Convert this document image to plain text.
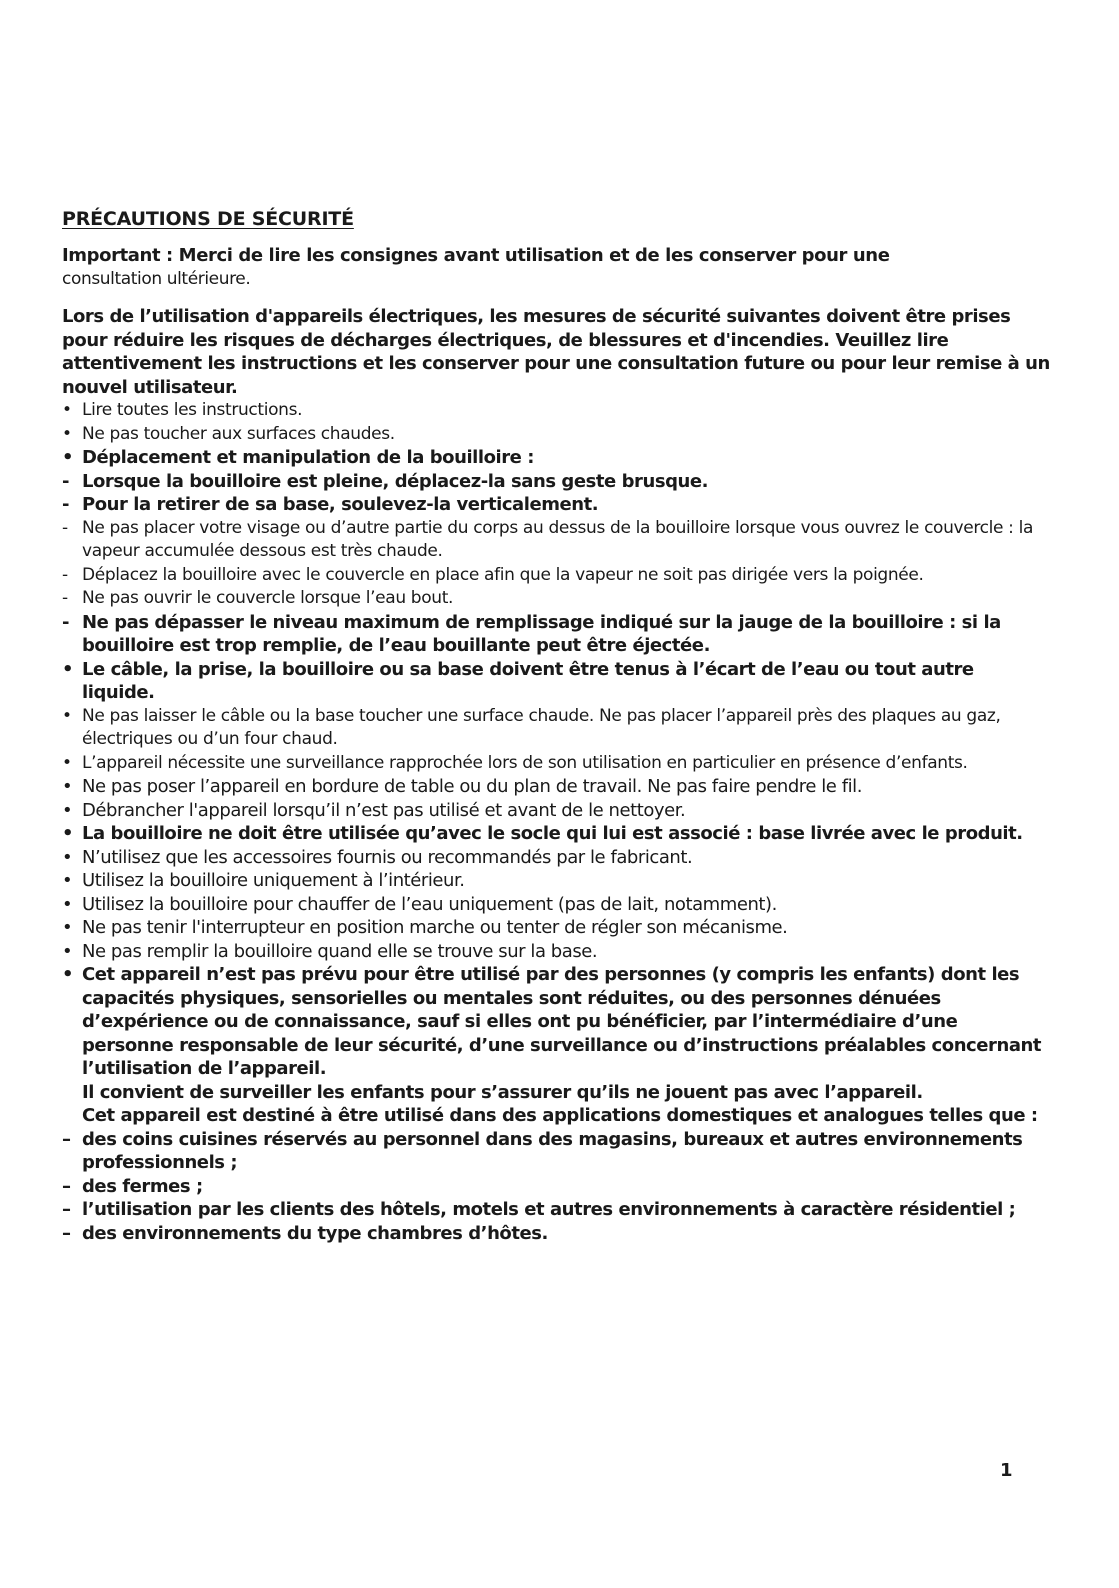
PRÉCAUTIONS DE SÉCURITÉ

Important : Merci de lire les consignes avant utilisation et de les conserver pour une
consultation ultérieure.

Lors de l’utilisation d'appareils électriques, les mesures de sécurité suivantes doivent être prises pour réduire les risques de décharges électriques, de blessures et d'incendies. Veuillez lire attentivement les instructions et les conserver pour une consultation future ou pour leur remise à un nouvel utilisateur.

• Lire toutes les instructions.
• Ne pas toucher aux surfaces chaudes.
• Déplacement et manipulation de la bouilloire :
- Lorsque la bouilloire est pleine, déplacez-la sans geste brusque.
- Pour la retirer de sa base, soulevez-la verticalement.
- Ne pas placer votre visage ou d’autre partie du corps au dessus de la bouilloire lorsque vous ouvrez le couvercle : la vapeur accumulée dessous est très chaude.
- Déplacez la bouilloire avec le couvercle en place afin que la vapeur ne soit pas dirigée vers la poignée.
- Ne pas ouvrir le couvercle lorsque l’eau bout.
- Ne pas dépasser le niveau maximum de remplissage indiqué sur la jauge de la bouilloire : si la bouilloire est trop remplie, de l’eau bouillante peut être éjectée.
• Le câble, la prise, la bouilloire ou sa base doivent être tenus à l’écart de l’eau ou tout autre liquide.
• Ne pas laisser le câble ou la base toucher une surface chaude. Ne pas placer l’appareil près des plaques au gaz, électriques ou d’un four chaud.
• L’appareil nécessite une surveillance rapprochée lors de son utilisation en particulier en présence d’enfants.
• Ne pas poser l’appareil en bordure de table ou du plan de travail. Ne pas faire pendre le fil.
• Débrancher l'appareil lorsqu’il n’est pas utilisé et avant de le nettoyer.
• La bouilloire ne doit être utilisée qu’avec le socle qui lui est associé : base livrée avec le produit.
• N’utilisez que les accessoires fournis ou recommandés par le fabricant.
• Utilisez la bouilloire uniquement à l’intérieur.
• Utilisez la bouilloire pour chauffer de l’eau uniquement (pas de lait, notamment).
• Ne pas tenir l'interrupteur en position marche ou tenter de régler son mécanisme.
• Ne pas remplir la bouilloire quand elle se trouve sur la base.
• Cet appareil n’est pas prévu pour être utilisé par des personnes (y compris les enfants) dont les capacités physiques, sensorielles ou mentales sont réduites, ou des personnes dénuées d’expérience ou de connaissance, sauf si elles ont pu bénéficier, par l’intermédiaire d’une personne responsable de leur sécurité, d’une surveillance ou d’instructions préalables concernant l’utilisation de l’appareil.
Il convient de surveiller les enfants pour s’assurer qu’ils ne jouent pas avec l’appareil.
Cet appareil est destiné à être utilisé dans des applications domestiques et analogues telles que :
– des coins cuisines réservés au personnel dans des magasins, bureaux et autres environnements professionnels ;
– des fermes ;
– l’utilisation par les clients des hôtels, motels et autres environnements à caractère résidentiel ;
– des environnements du type chambres d’hôtes.
1
